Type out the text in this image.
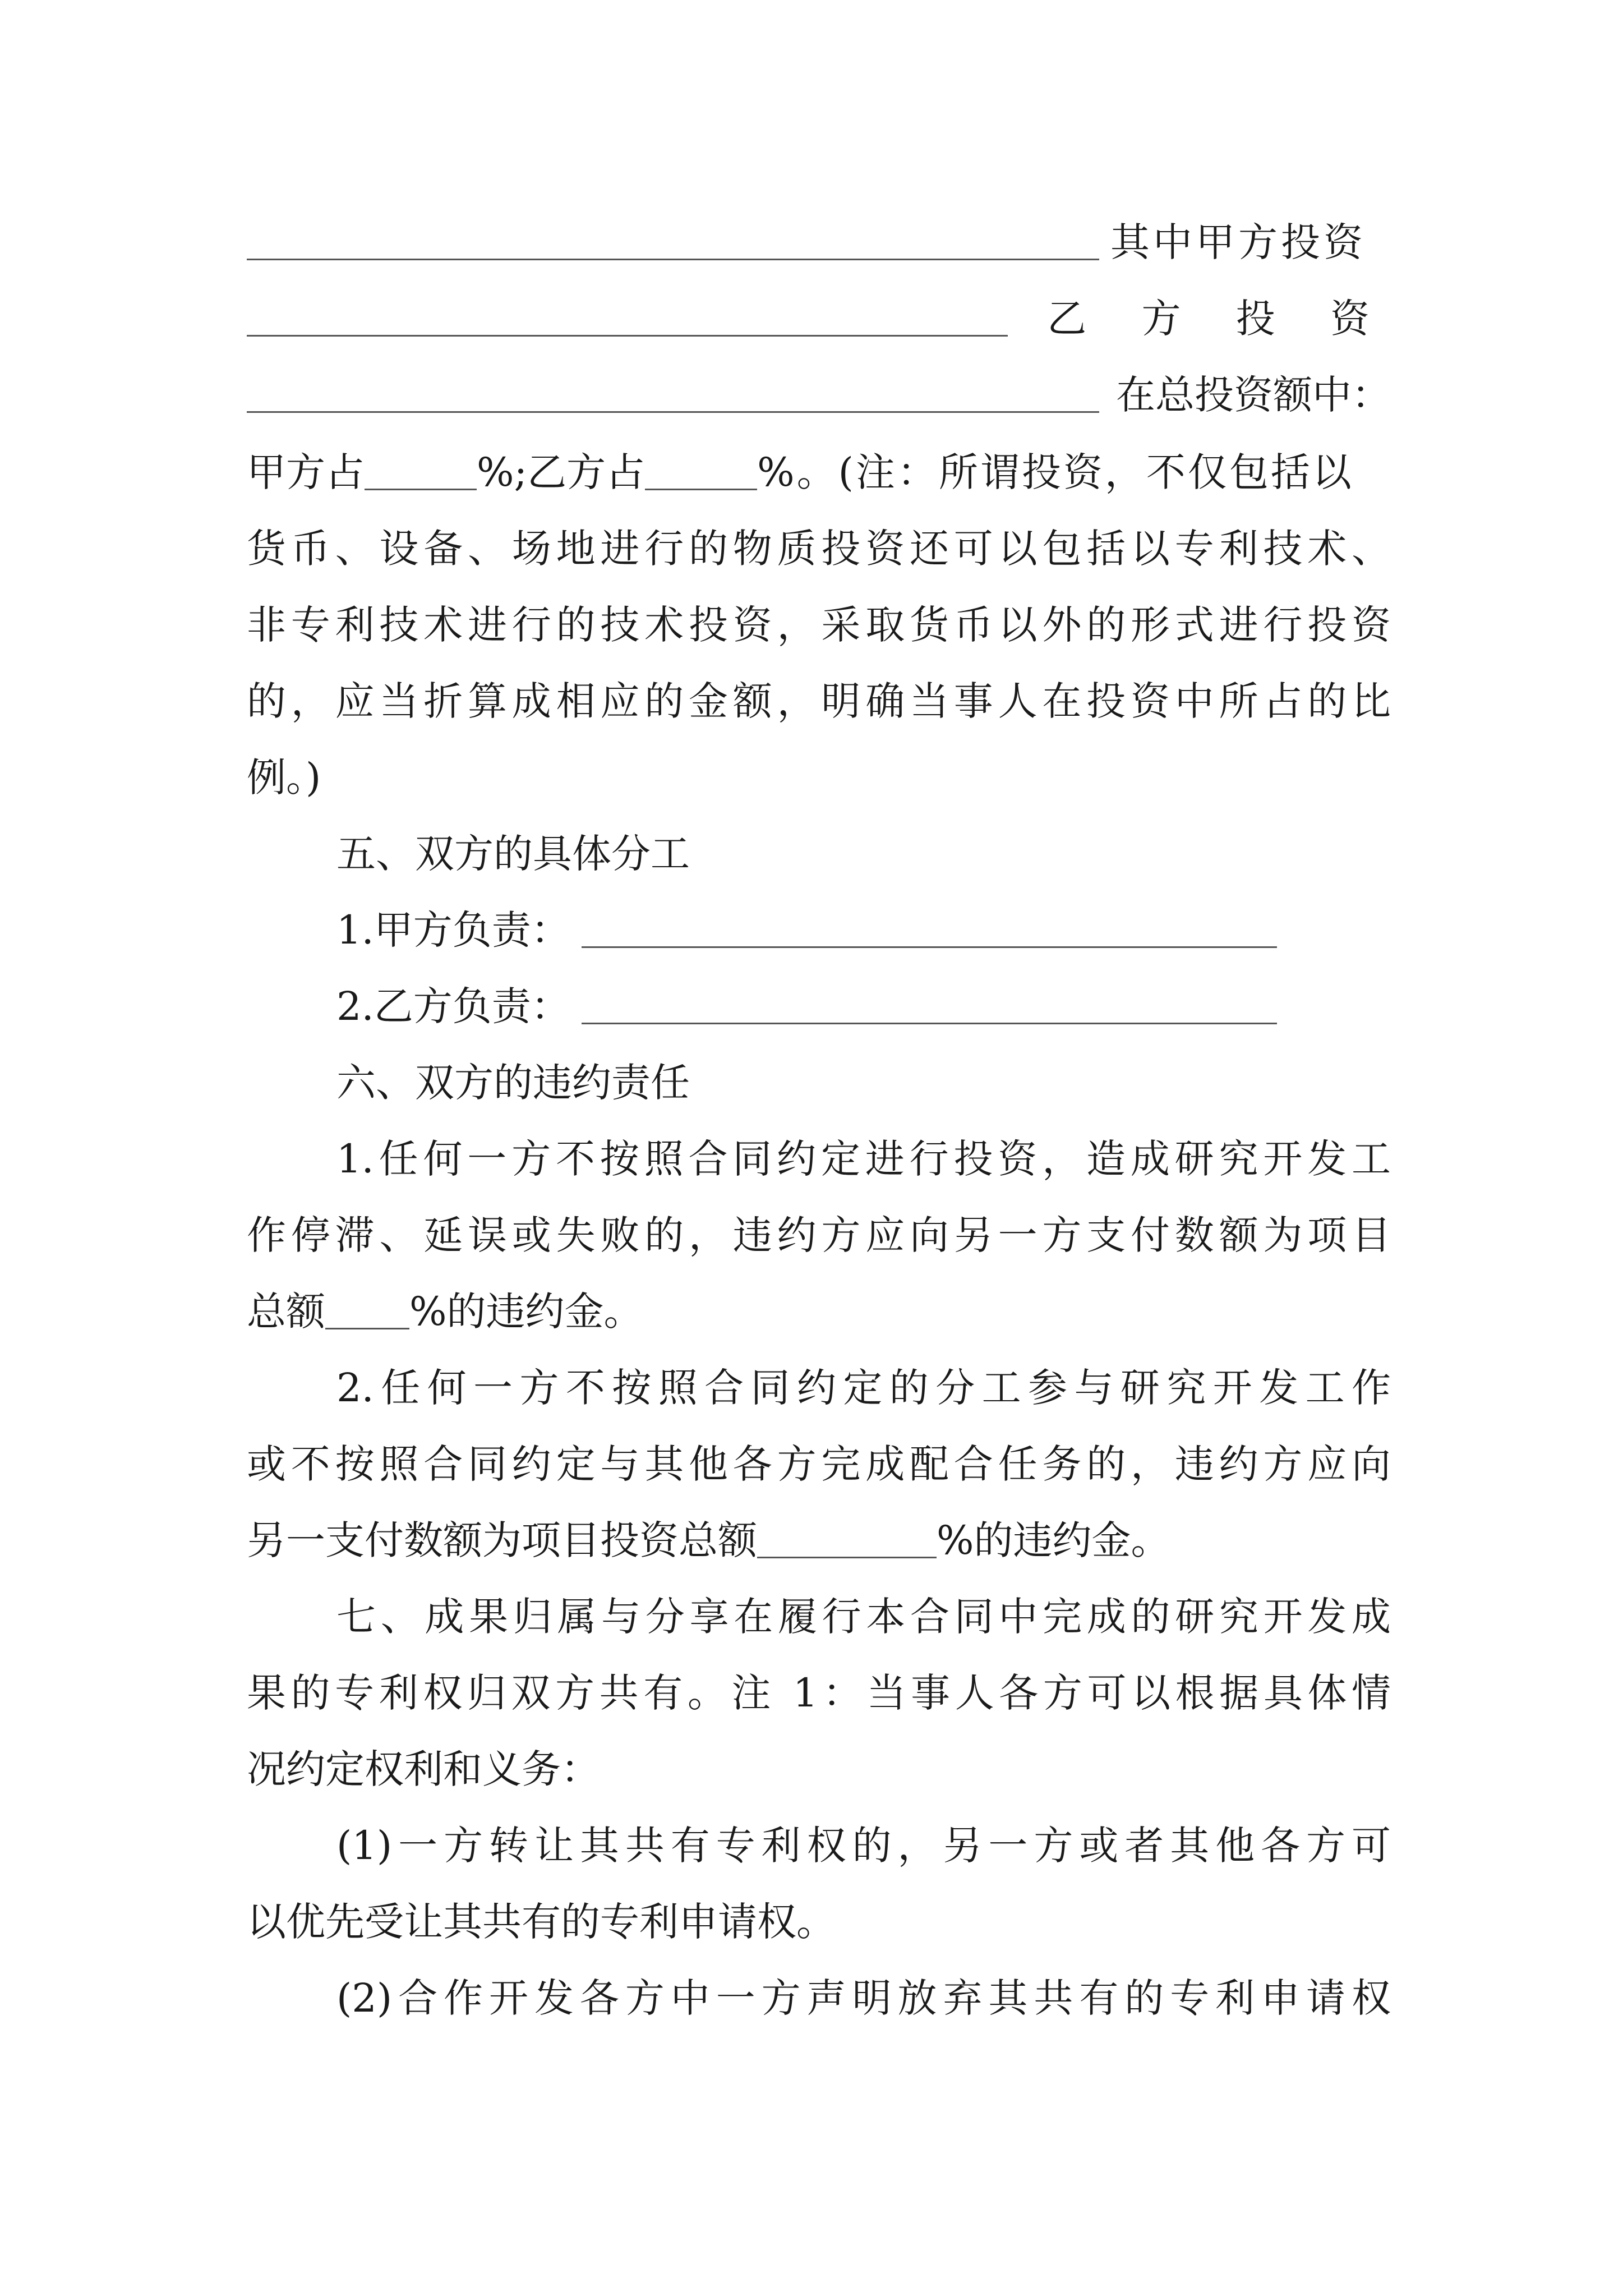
其中甲方投资
乙 方 投 资
在总投资额中：
甲方占	%;乙方占	%。(注：所谓投资，不仅包括以
货币、设备、场地进行的物质投资还可以包括以专利技术、
非专利技术进行的技术投资，采取货币以外的形式进行投资
的，应当折算成相应的金额，明确当事人在投资中所占的比
例。)
五、双方的具体分工
1.甲方负责：
2.乙方负责：
六、双方的违约责任
1.任何一方不按照合同约定进行投资，造成研究开发工
作停滞、延误或失败的，违约方应向另一方支付数额为项目
总额 %的违约金。
2.任何一方不按照合同约定的分工参与研究开发工作
或不按照合同约定与其他各方完成配合任务的，违约方应向
另一支付数额为项目投资总额	%的违约金。
七、成果归属与分享在履行本合同中完成的研究开发成
果的专利权归双方共有。注 1：当事人各方可以根据具体情
况约定权利和义务：
(1)一方转让其共有专利权的，另一方或者其他各方可
以优先受让其共有的专利申请权。
(2)合作开发各方中一方声明放弃其共有的专利申请权
